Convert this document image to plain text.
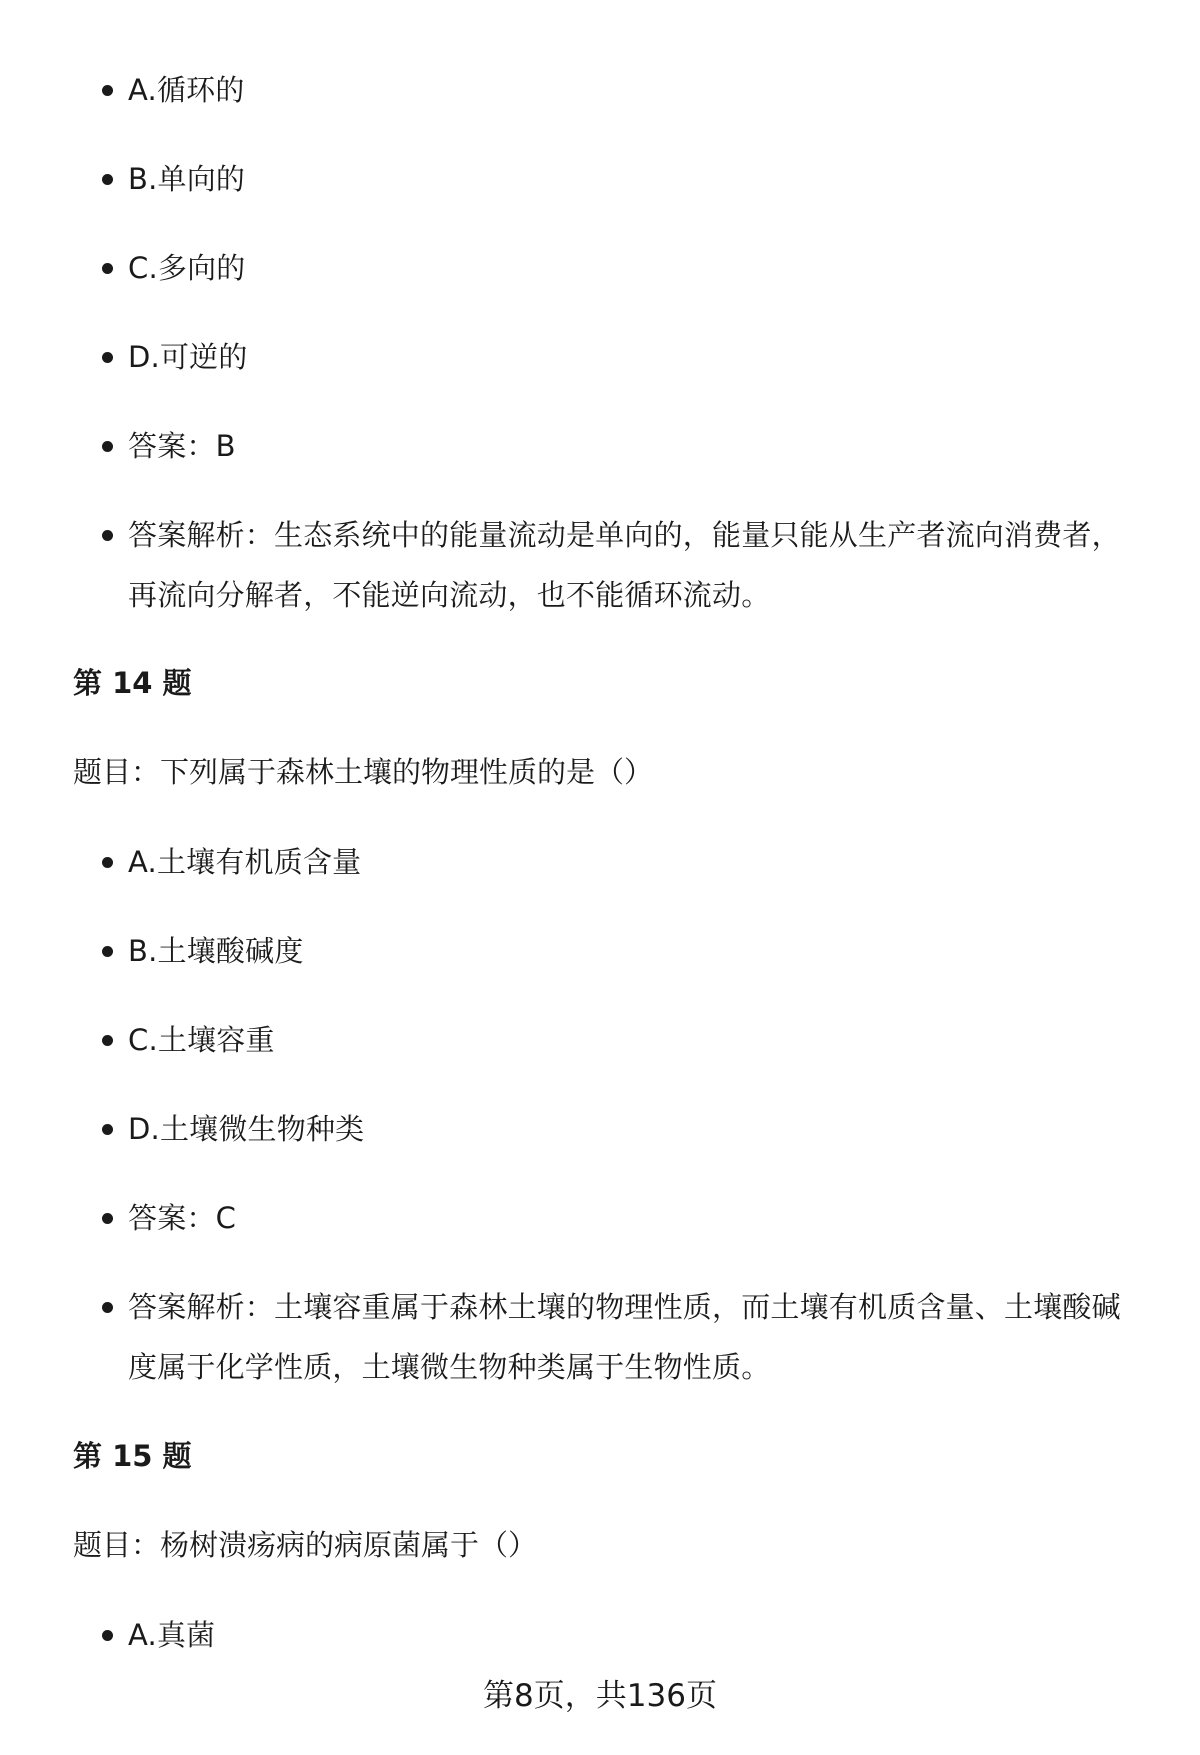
A.循环的
B.单向的
C.多向的
D.可逆的
答案：B
答案解析：生态系统中的能量流动是单向的，能量只能从生产者流向消费者，再流向分解者，不能逆向流动，也不能循环流动。
第 14 题
题目：下列属于森林土壤的物理性质的是（）
A.土壤有机质含量
B.土壤酸碱度
C.土壤容重
D.土壤微生物种类
答案：C
答案解析：土壤容重属于森林土壤的物理性质，而土壤有机质含量、土壤酸碱度属于化学性质，土壤微生物种类属于生物性质。
第 15 题
题目：杨树溃疡病的病原菌属于（）
A.真菌
第8页，共136页
